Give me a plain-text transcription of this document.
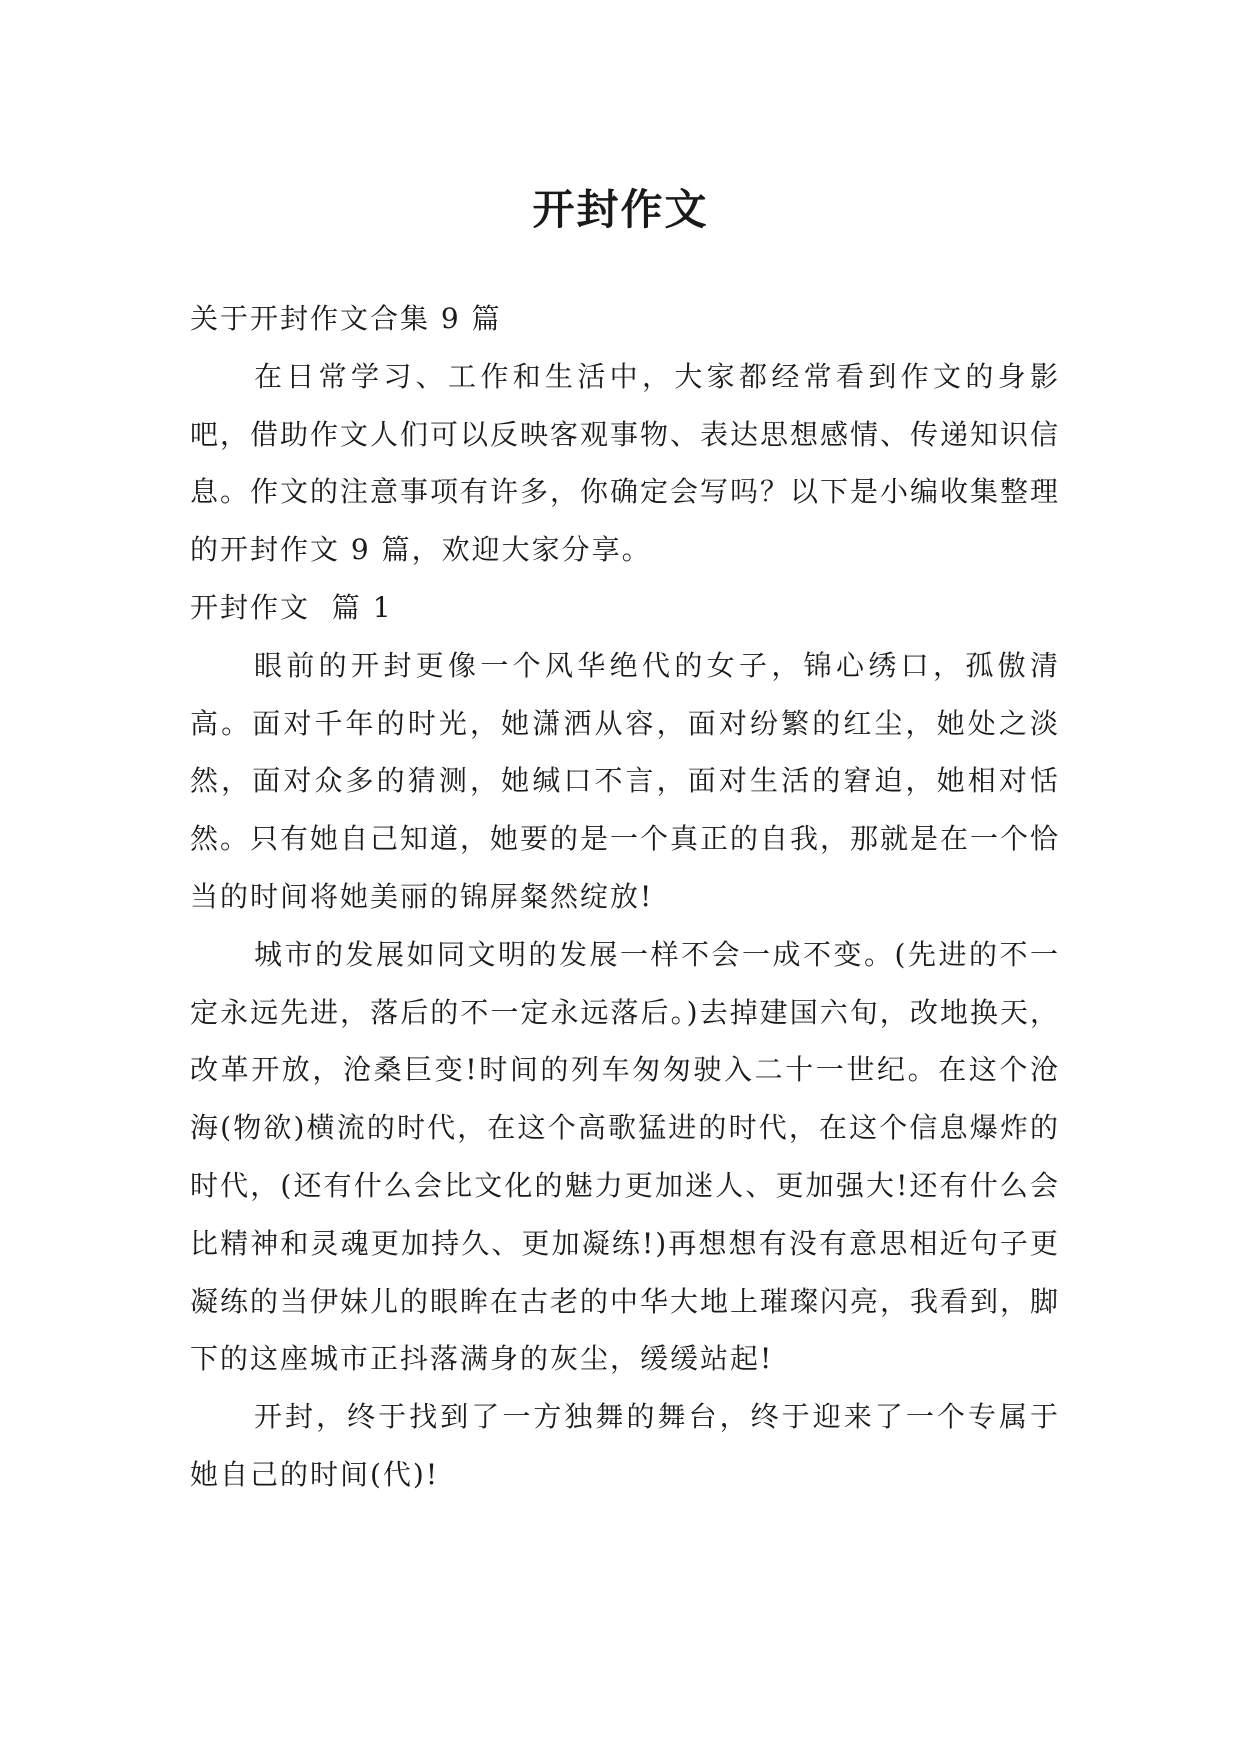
开封作文

关于开封作文合集 9 篇

在日常学习、工作和生活中，大家都经常看到作文的身影吧，借助作文人们可以反映客观事物、表达思想感情、传递知识信息。作文的注意事项有许多，你确定会写吗？以下是小编收集整理的开封作文 9 篇，欢迎大家分享。

开封作文  篇 1

眼前的开封更像一个风华绝代的女子，锦心绣口，孤傲清高。面对千年的时光，她潇洒从容，面对纷繁的红尘，她处之淡然，面对众多的猜测，她缄口不言，面对生活的窘迫，她相对恬然。只有她自己知道，她要的是一个真正的自我，那就是在一个恰当的时间将她美丽的锦屏粲然绽放!

城市的发展如同文明的发展一样不会一成不变。(先进的不一定永远先进，落后的不一定永远落后。)去掉建国六旬，改地换天，改革开放，沧桑巨变!时间的列车匆匆驶入二十一世纪。在这个沧海(物欲)横流的时代，在这个高歌猛进的时代，在这个信息爆炸的时代，(还有什么会比文化的魅力更加迷人、更加强大!还有什么会比精神和灵魂更加持久、更加凝练!)再想想有没有意思相近句子更凝练的当伊妹儿的眼眸在古老的中华大地上璀璨闪亮，我看到，脚下的这座城市正抖落满身的灰尘，缓缓站起!

开封，终于找到了一方独舞的舞台，终于迎来了一个专属于她自己的时间(代)!
